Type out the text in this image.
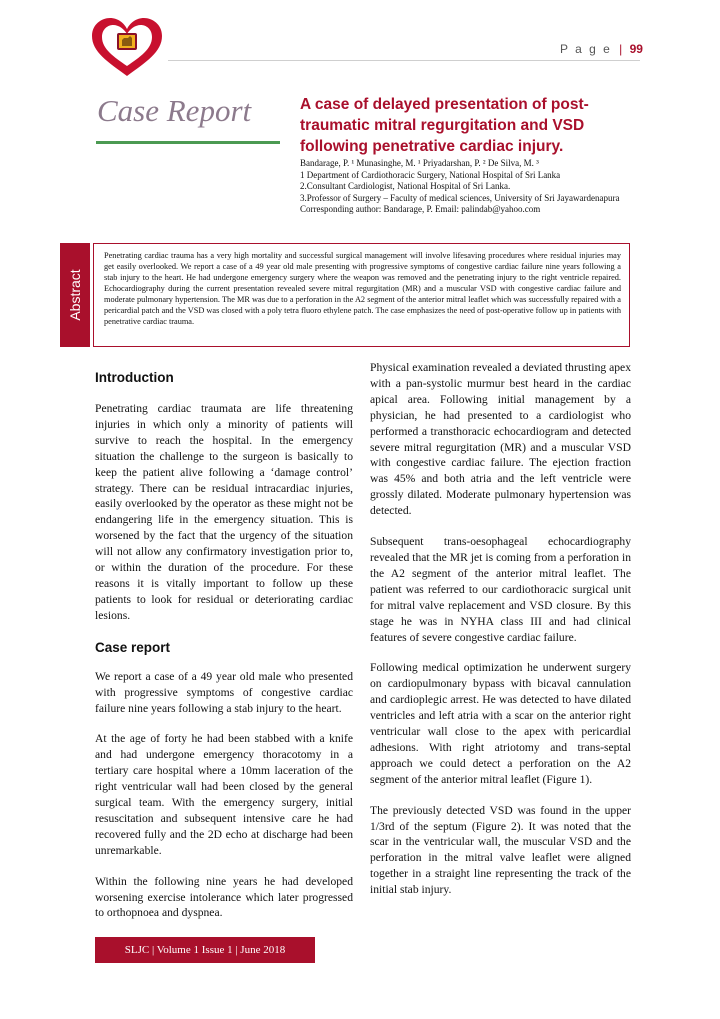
P a g e | 99
Case Report	A case of delayed presentation of post-traumatic mitral regurgitation and VSD following penetrative cardiac injury.
Bandarage, P. ¹ Munasinghe, M. ¹ Priyadarshan, P. ² De Silva, M. ³
1 Department of Cardiothoracic Surgery, National Hospital of Sri Lanka
2.Consultant Cardiologist, National Hospital of Sri Lanka.
3.Professor of Surgery – Faculty of medical sciences, University of Sri Jayawardenapura
Corresponding author: Bandarage, P. Email: palindab@yahoo.com
Abstract
Penetrating cardiac trauma has a very high mortality and successful surgical management will involve lifesaving procedures where residual injuries may get easily overlooked. We report a case of a 49 year old male presenting with progressive symptoms of congestive cardiac failure nine years following a stab injury to the heart. He had undergone emergency surgery where the weapon was removed and the penetrating injury to the right ventricle repaired. Echocardiography during the current presentation revealed severe mitral regurgitation (MR) and a muscular VSD with congestive cardiac failure and moderate pulmonary hypertension. The MR was due to a perforation in the A2 segment of the anterior mitral leaflet which was successfully repaired with a pericardial patch and the VSD was closed with a poly tetra fluoro ethylene patch. The case emphasizes the need of post-operative follow up in patients with penetrative cardiac trauma.
Introduction

Penetrating cardiac traumata are life threatening injuries in which only a minority of patients will survive to reach the hospital. In the emergency situation the challenge to the surgeon is basically to keep the patient alive following a ‘damage control’ strategy. There can be residual intracardiac injuries, easily overlooked by the operator as these might not be endangering life in the emergency situation. This is worsened by the fact that the urgency of the situation will not allow any confirmatory investigation prior to, or within the duration of the procedure. For these reasons it is vitally important to follow up these patients to look for residual or deteriorating cardiac lesions.

Case report

We report a case of a 49 year old male who presented with progressive symptoms of congestive cardiac failure nine years following a stab injury to the heart.

At the age of forty he had been stabbed with a knife and had undergone emergency thoracotomy in a tertiary care hospital where a 10mm laceration of the right ventricular wall had been closed by the general surgical team. With the emergency surgery, initial resuscitation and subsequent intensive care he had recovered fully and the 2D echo at discharge had been unremarkable.

Within the following nine years he had developed worsening exercise intolerance which later progressed to orthopnoea and dyspnea.

Physical examination revealed a deviated thrusting apex with a pan-systolic murmur best heard in the cardiac apical area. Following initial management by a physician, he had presented to a cardiologist who performed a transthoracic echocardiogram and detected severe mitral regurgitation (MR) and a muscular VSD with congestive cardiac failure. The ejection fraction was 45% and both atria and the left ventricle were grossly dilated. Moderate pulmonary hypertension was detected.

Subsequent trans-oesophageal echocardiography revealed that the MR jet is coming from a perforation in the A2 segment of the anterior mitral leaflet. The patient was referred to our cardiothoracic surgical unit for mitral valve replacement and VSD closure. By this stage he was in NYHA class III and had clinical features of severe congestive cardiac failure.

Following medical optimization he underwent surgery on cardiopulmonary bypass with bicaval cannulation and cardioplegic arrest. He was detected to have dilated ventricles and left atria with a scar on the anterior right ventricular wall close to the apex with pericardial adhesions. With right atriotomy and trans-septal approach we could detect a perforation on the A2 segment of the anterior mitral leaflet (Figure 1).

The previously detected VSD was found in the upper 1/3rd of the septum (Figure 2). It was noted that the scar in the ventricular wall, the muscular VSD and the perforation in the mitral valve leaflet were aligned together in a straight line representing the track of the initial stab injury.

SLJC | Volume 1 Issue 1 | June 2018
